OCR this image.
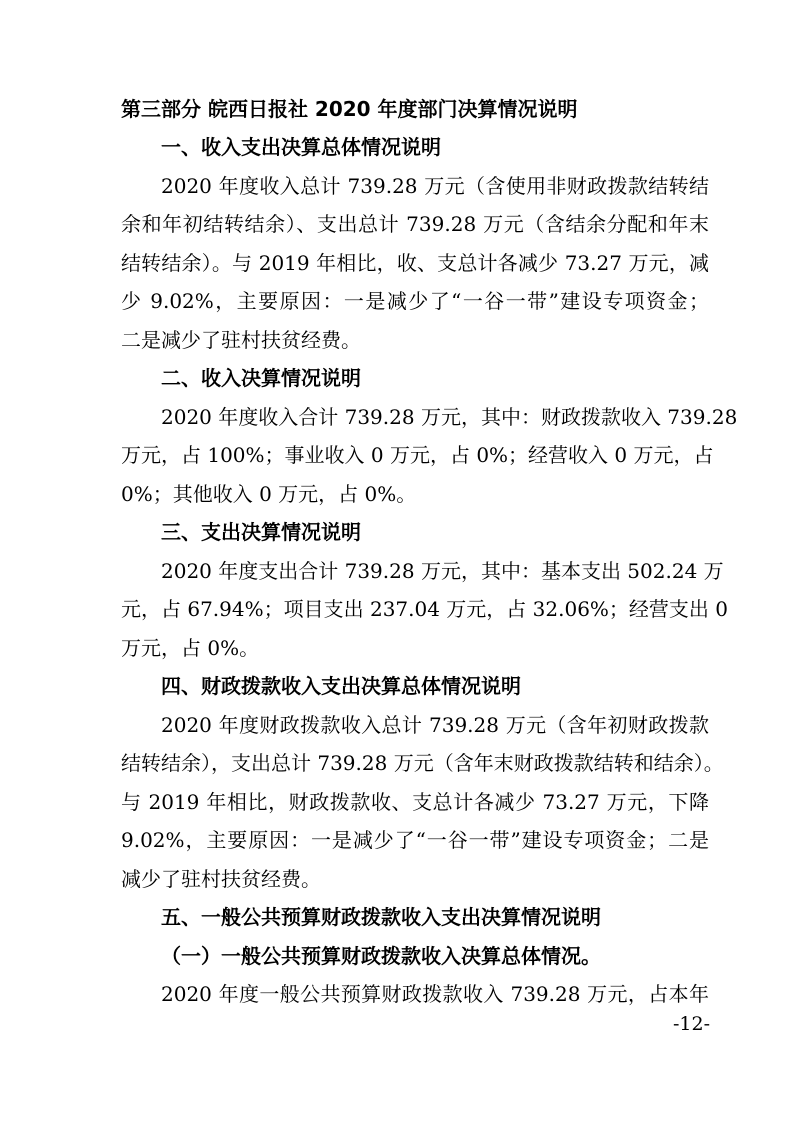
第三部分 皖西日报社 2020 年度部门决算情况说明
一、收入支出决算总体情况说明
2020 年度收入总计 739.28 万元（含使用非财政拨款结转结
余和年初结转结余）、支出总计 739.28 万元（含结余分配和年末
结转结余）。与 2019 年相比，收、支总计各减少 73.27 万元，减
少 9.02%，主要原因：一是减少了“一谷一带”建设专项资金；
二是减少了驻村扶贫经费。
二、收入决算情况说明
2020 年度收入合计 739.28 万元，其中：财政拨款收入 739.28
万元，占 100%；事业收入 0 万元，占 0%；经营收入 0 万元，占
0%；其他收入 0 万元，占 0%。
三、支出决算情况说明
2020 年度支出合计 739.28 万元，其中：基本支出 502.24 万
元，占 67.94%；项目支出 237.04 万元，占 32.06%；经营支出 0
万元，占 0%。
四、财政拨款收入支出决算总体情况说明
2020 年度财政拨款收入总计 739.28 万元（含年初财政拨款
结转结余），支出总计 739.28 万元（含年末财政拨款结转和结余）。
与 2019 年相比，财政拨款收、支总计各减少 73.27 万元，下降
9.02%，主要原因：一是减少了“一谷一带”建设专项资金；二是
减少了驻村扶贫经费。
五、一般公共预算财政拨款收入支出决算情况说明
（一）一般公共预算财政拨款收入决算总体情况。
2020 年度一般公共预算财政拨款收入 739.28 万元，占本年
-12-
